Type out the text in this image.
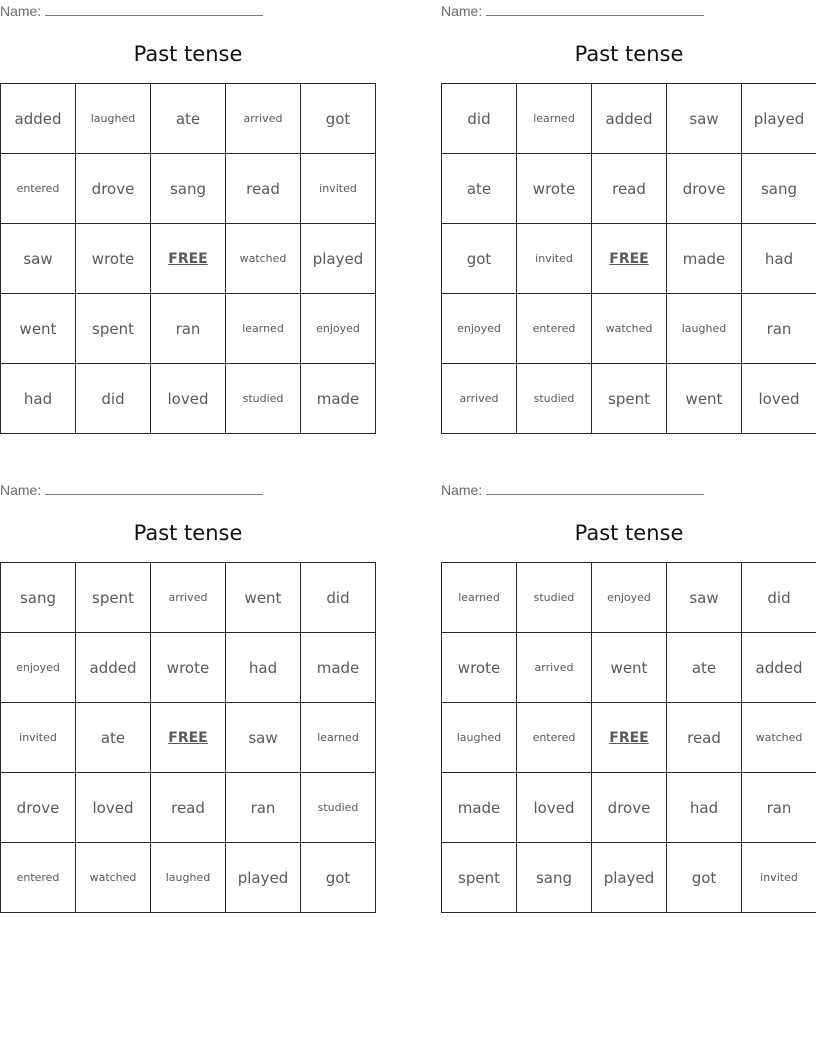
Name:
Past tense
added	laughed	ate	arrived	got
entered	drove	sang	read	invited
saw	wrote	FREE	watched	played
went	spent	ran	learned	enjoyed
had	did	loved	studied	made
Name:
Past tense
did	learned	added	saw	played
ate	wrote	read	drove	sang
got	invited	FREE	made	had
enjoyed	entered	watched	laughed	ran
arrived	studied	spent	went	loved
Name:
Past tense
sang	spent	arrived	went	did
enjoyed	added	wrote	had	made
invited	ate	FREE	saw	learned
drove	loved	read	ran	studied
entered	watched	laughed	played	got
Name:
Past tense
learned	studied	enjoyed	saw	did
wrote	arrived	went	ate	added
laughed	entered	FREE	read	watched
made	loved	drove	had	ran
spent	sang	played	got	invited
